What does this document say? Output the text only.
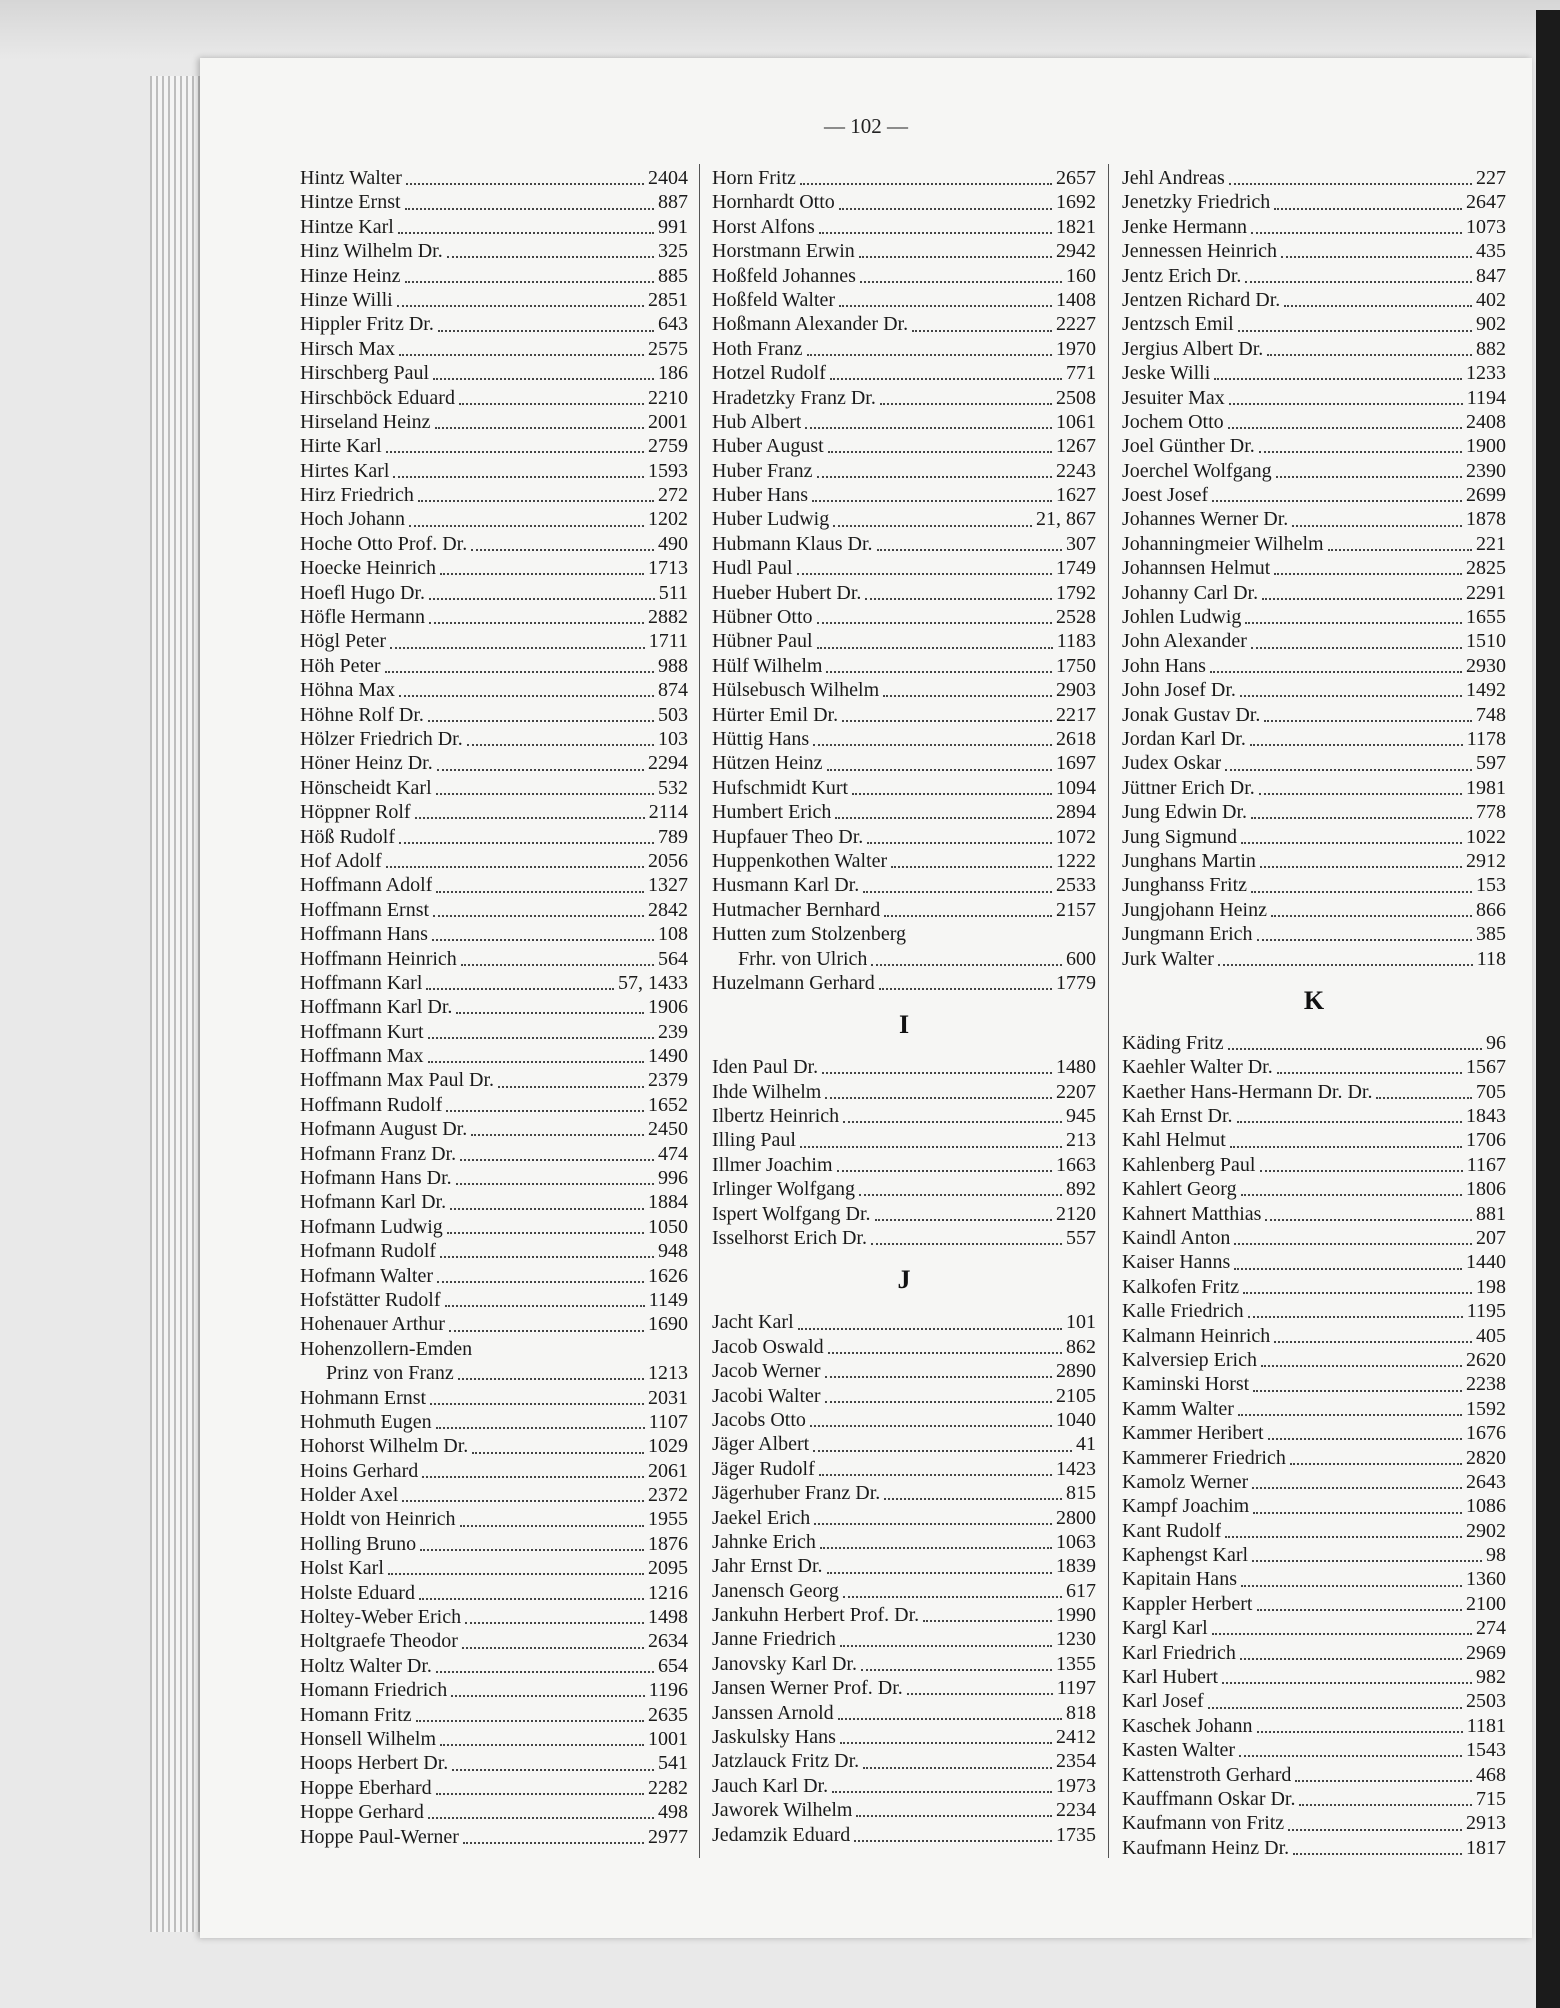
— 102 —
Hintz Walter	2404
Hintze Ernst	887
Hintze Karl	991
Hinz Wilhelm Dr.	325
Hinze Heinz	885
Hinze Willi	2851
Hippler Fritz Dr.	643
Hirsch Max	2575
Hirschberg Paul	186
Hirschböck Eduard	2210
Hirseland Heinz	2001
Hirte Karl	2759
Hirtes Karl	1593
Hirz Friedrich	272
Hoch Johann	1202
Hoche Otto Prof. Dr.	490
Hoecke Heinrich	1713
Hoefl Hugo Dr.	511
Höfle Hermann	2882
Högl Peter	1711
Höh Peter	988
Höhna Max	874
Höhne Rolf Dr.	503
Hölzer Friedrich Dr.	103
Höner Heinz Dr.	2294
Hönscheidt Karl	532
Höppner Rolf	2114
Höß Rudolf	789
Hof Adolf	2056
Hoffmann Adolf	1327
Hoffmann Ernst	2842
Hoffmann Hans	108
Hoffmann Heinrich	564
Hoffmann Karl	57, 1433
Hoffmann Karl Dr.	1906
Hoffmann Kurt	239
Hoffmann Max	1490
Hoffmann Max Paul Dr.	2379
Hoffmann Rudolf	1652
Hofmann August Dr.	2450
Hofmann Franz Dr.	474
Hofmann Hans Dr.	996
Hofmann Karl Dr.	1884
Hofmann Ludwig	1050
Hofmann Rudolf	948
Hofmann Walter	1626
Hofstätter Rudolf	1149
Hohenauer Arthur	1690
Hohenzollern-Emden
Prinz von Franz	1213
Hohmann Ernst	2031
Hohmuth Eugen	1107
Hohorst Wilhelm Dr.	1029
Hoins Gerhard	2061
Holder Axel	2372
Holdt von Heinrich	1955
Holling Bruno	1876
Holst Karl	2095
Holste Eduard	1216
Holtey-Weber Erich	1498
Holtgraefe Theodor	2634
Holtz Walter Dr.	654
Homann Friedrich	1196
Homann Fritz	2635
Honsell Wilhelm	1001
Hoops Herbert Dr.	541
Hoppe Eberhard	2282
Hoppe Gerhard	498
Hoppe Paul-Werner	2977
Horn Fritz	2657
Hornhardt Otto	1692
Horst Alfons	1821
Horstmann Erwin	2942
Hoßfeld Johannes	160
Hoßfeld Walter	1408
Hoßmann Alexander Dr.	2227
Hoth Franz	1970
Hotzel Rudolf	771
Hradetzky Franz Dr.	2508
Hub Albert	1061
Huber August	1267
Huber Franz	2243
Huber Hans	1627
Huber Ludwig	21, 867
Hubmann Klaus Dr.	307
Hudl Paul	1749
Hueber Hubert Dr.	1792
Hübner Otto	2528
Hübner Paul	1183
Hülf Wilhelm	1750
Hülsebusch Wilhelm	2903
Hürter Emil Dr.	2217
Hüttig Hans	2618
Hützen Heinz	1697
Hufschmidt Kurt	1094
Humbert Erich	2894
Hupfauer Theo Dr.	1072
Huppenkothen Walter	1222
Husmann Karl Dr.	2533
Hutmacher Bernhard	2157
Hutten zum Stolzenberg
Frhr. von Ulrich	600
Huzelmann Gerhard	1779
I
Iden Paul Dr.	1480
Ihde Wilhelm	2207
Ilbertz Heinrich	945
Illing Paul	213
Illmer Joachim	1663
Irlinger Wolfgang	892
Ispert Wolfgang Dr.	2120
Isselhorst Erich Dr.	557
J
Jacht Karl	101
Jacob Oswald	862
Jacob Werner	2890
Jacobi Walter	2105
Jacobs Otto	1040
Jäger Albert	41
Jäger Rudolf	1423
Jägerhuber Franz Dr.	815
Jaekel Erich	2800
Jahnke Erich	1063
Jahr Ernst Dr.	1839
Janensch Georg	617
Jankuhn Herbert Prof. Dr.	1990
Janne Friedrich	1230
Janovsky Karl Dr.	1355
Jansen Werner Prof. Dr.	1197
Janssen Arnold	818
Jaskulsky Hans	2412
Jatzlauck Fritz Dr.	2354
Jauch Karl Dr.	1973
Jaworek Wilhelm	2234
Jedamzik Eduard	1735
Jehl Andreas	227
Jenetzky Friedrich	2647
Jenke Hermann	1073
Jennessen Heinrich	435
Jentz Erich Dr.	847
Jentzen Richard Dr.	402
Jentzsch Emil	902
Jergius Albert Dr.	882
Jeske Willi	1233
Jesuiter Max	1194
Jochem Otto	2408
Joel Günther Dr.	1900
Joerchel Wolfgang	2390
Joest Josef	2699
Johannes Werner Dr.	1878
Johanningmeier Wilhelm	221
Johannsen Helmut	2825
Johanny Carl Dr.	2291
Johlen Ludwig	1655
John Alexander	1510
John Hans	2930
John Josef Dr.	1492
Jonak Gustav Dr.	748
Jordan Karl Dr.	1178
Judex Oskar	597
Jüttner Erich Dr.	1981
Jung Edwin Dr.	778
Jung Sigmund	1022
Junghans Martin	2912
Junghanss Fritz	153
Jungjohann Heinz	866
Jungmann Erich	385
Jurk Walter	118
K
Käding Fritz	96
Kaehler Walter Dr.	1567
Kaether Hans-Hermann Dr. Dr.	705
Kah Ernst Dr.	1843
Kahl Helmut	1706
Kahlenberg Paul	1167
Kahlert Georg	1806
Kahnert Matthias	881
Kaindl Anton	207
Kaiser Hanns	1440
Kalkofen Fritz	198
Kalle Friedrich	1195
Kalmann Heinrich	405
Kalversiep Erich	2620
Kaminski Horst	2238
Kamm Walter	1592
Kammer Heribert	1676
Kammerer Friedrich	2820
Kamolz Werner	2643
Kampf Joachim	1086
Kant Rudolf	2902
Kaphengst Karl	98
Kapitain Hans	1360
Kappler Herbert	2100
Kargl Karl	274
Karl Friedrich	2969
Karl Hubert	982
Karl Josef	2503
Kaschek Johann	1181
Kasten Walter	1543
Kattenstroth Gerhard	468
Kauffmann Oskar Dr.	715
Kaufmann von Fritz	2913
Kaufmann Heinz Dr.	1817
